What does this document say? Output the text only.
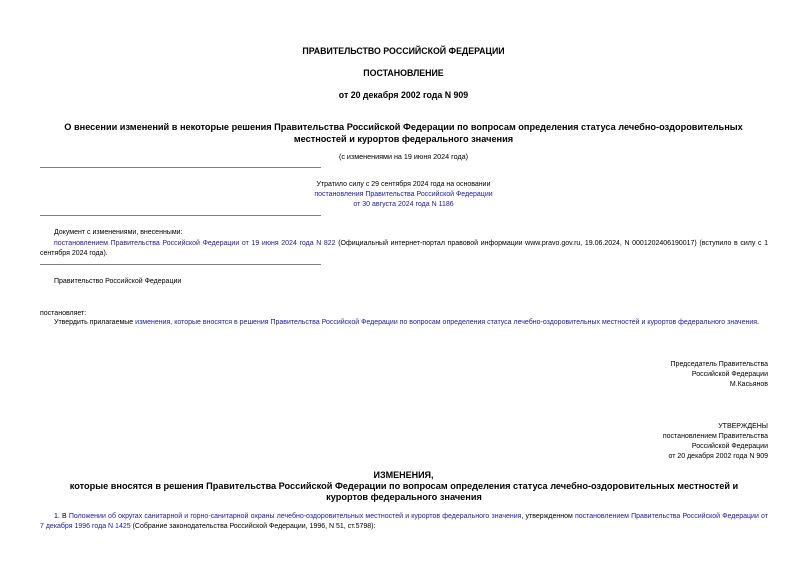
ПРАВИТЕЛЬСТВО РОССИЙСКОЙ ФЕДЕРАЦИИ
ПОСТАНОВЛЕНИЕ
от 20 декабря 2002 года N 909
О внесении изменений в некоторые решения Правительства Российской Федерации по вопросам определения статуса лечебно-оздоровительных местностей и курортов федерального значения
(с изменениями на 19 июня 2024 года)
Утратило силу с 29 сентября 2024 года на основании
постановления Правительства Российской Федерации
от 30 августа 2024 года N 1186
Документ с изменениями, внесенными:
постановлением Правительства Российской Федерации от 19 июня 2024 года N 822 (Официальный интернет-портал правовой информации www.pravo.gov.ru, 19.06.2024, N 0001202406190017) (вступило в силу с 1 сентября 2024 года).
Правительство Российской Федерации
постановляет:
Утвердить прилагаемые изменения, которые вносятся в решения Правительства Российской Федерации по вопросам определения статуса лечебно-оздоровительных местностей и курортов федерального значения.
Председатель Правительства
Российской Федерации
М.Касьянов
УТВЕРЖДЕНЫ
постановлением Правительства
Российской Федерации
от 20 декабря 2002 года N 909
ИЗМЕНЕНИЯ,
которые вносятся в решения Правительства Российской Федерации по вопросам определения статуса лечебно-оздоровительных местностей и курортов федерального значения
1. В Положении об округах санитарной и горно-санитарной охраны лечебно-оздоровительных местностей и курортов федерального значения, утвержденном постановлением Правительства Российской Федерации от 7 декабря 1996 года N 1425 (Собрание законодательства Российской Федерации, 1996, N 51, ст.5798):
